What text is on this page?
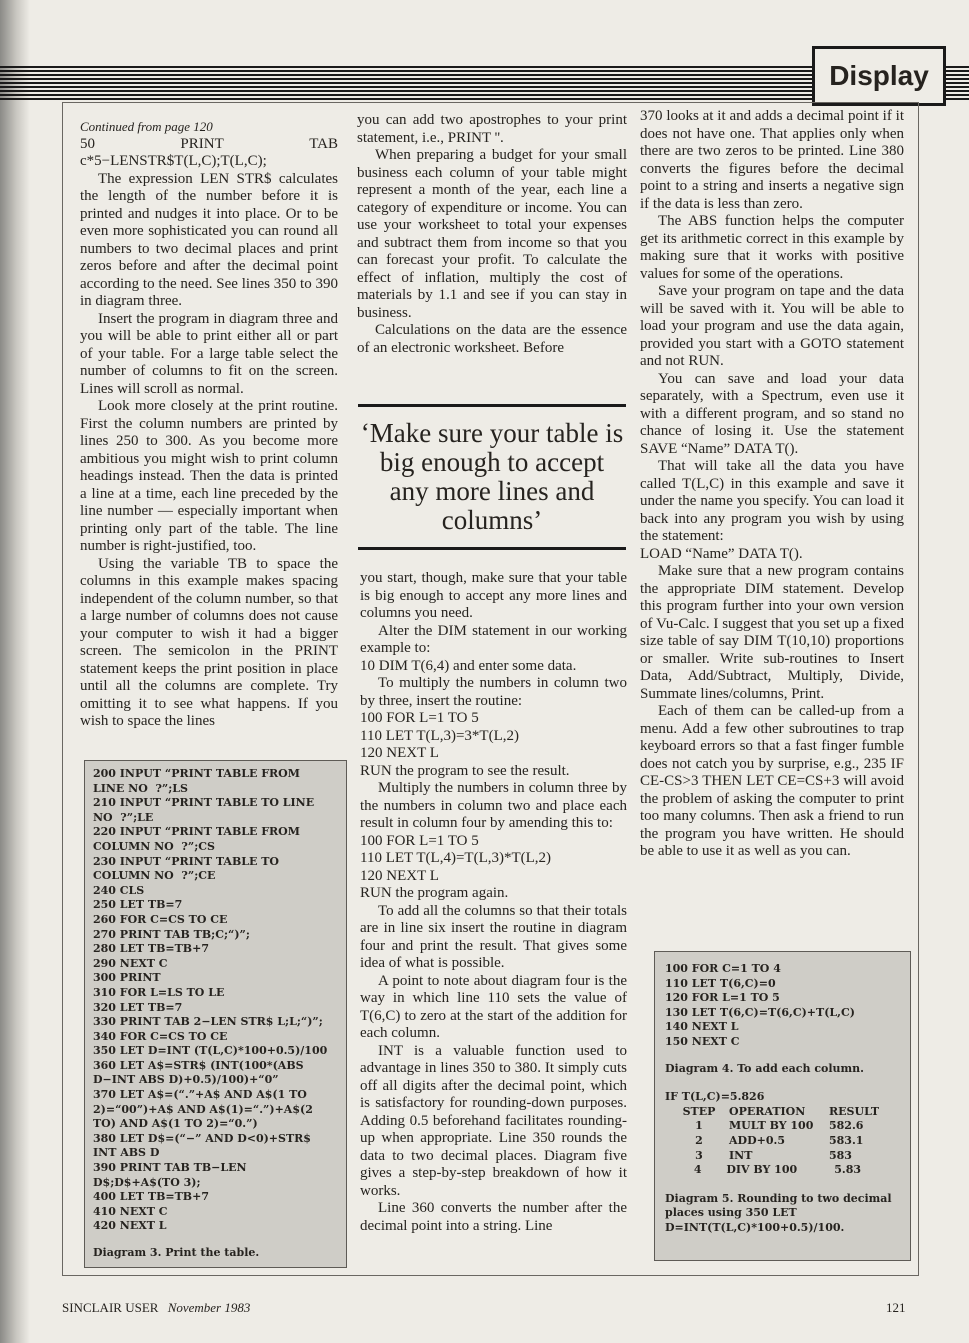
Display

Continued from page 120

50	PRINT	TAB

c*5−LENSTR$T(L,C);T(L,C);

The expression LEN STR$ calculates the length of the number before it is printed and nudges it into place. Or to be even more sophisticated you can round all numbers to two decimal places and print zeros before and after the decimal point according to the need. See lines 350 to 390 in diagram three.

Insert the program in diagram three and you will be able to print either all or part of your table. For a large table select the number of columns to fit on the screen. Lines will scroll as normal.

Look more closely at the print routine. First the column numbers are printed by lines 250 to 300. As you become more ambitious you might wish to print column headings instead. Then the data is printed a line at a time, each line preceded by the line number — especially important when printing only part of the table. The line number is right-justified, too.

Using the variable TB to space the columns in this example makes spacing independent of the column number, so that a large number of columns does not cause your computer to wish it had a bigger screen. The semicolon in the PRINT statement keeps the print position in place until all the columns are complete. Try omitting it to see what happens. If you wish to space the lines

200 INPUT “PRINT TABLE FROM
LINE NO  ?”;LS
210 INPUT “PRINT TABLE TO LINE
NO  ?”;LE
220 INPUT “PRINT TABLE FROM
COLUMN NO  ?”;CS
230 INPUT “PRINT TABLE TO
COLUMN NO  ?”;CE
240 CLS
250 LET TB=7
260 FOR C=CS TO CE
270 PRINT TAB TB;C;“)”;
280 LET TB=TB+7
290 NEXT C
300 PRINT
310 FOR L=LS TO LE
320 LET TB=7
330 PRINT TAB 2−LEN STR$ L;L;“)”;
340 FOR C=CS TO CE
350 LET D=INT (T(L,C)*100+0.5)/100
360 LET A$=STR$ (INT(100*(ABS
D−INT ABS D)+0.5)/100)+“0”
370 LET A$=(“.”+A$ AND A$(1 TO
2)=“00”)+A$ AND A$(1)=“.”)+A$(2
TO) AND A$(1 TO 2)=“0.”)
380 LET D$=(“−” AND D<0)+STR$
INT ABS D
390 PRINT TAB TB−LEN
D$;D$+A$(TO 3);
400 LET TB=TB+7
410 NEXT C
420 NEXT L
Diagram 3. Print the table.

you can add two apostrophes to your print statement, i.e., PRINT ''.

When preparing a budget for your small business each column of your table might represent a month of the year, each line a category of expenditure or income. You can use your worksheet to total your expenses and subtract them from income so that you can forecast your profit. To calculate the effect of inflation, multiply the cost of materials by 1.1 and see if you can stay in business.

Calculations on the data are the essence of an electronic worksheet. Before

‘Make sure your table is big enough to accept any more lines and columns’

you start, though, make sure that your table is big enough to accept any more lines and columns you need.

Alter the DIM statement in our working example to:

10 DIM T(6,4) and enter some data.

To multiply the numbers in column two by three, insert the routine:

100 FOR L=1 TO 5

110 LET T(L,3)=3*T(L,2)

120 NEXT L

RUN the program to see the result.

Multiply the numbers in column three by the numbers in column two and place each result in column four by amending this to:

100 FOR L=1 TO 5

110 LET T(L,4)=T(L,3)*T(L,2)

120 NEXT L

RUN the program again.

To add all the columns so that their totals are in line six insert the routine in diagram four and print the result. That gives some idea of what is possible.

A point to note about diagram four is the way in which line 110 sets the value of T(6,C) to zero at the start of the addition for each column.

INT is a valuable function used to advantage in lines 350 to 380. It simply cuts off all digits after the decimal point, which is satisfactory for rounding-down purposes. Adding 0.5 beforehand facilitates rounding-up when appropriate. Line 350 rounds the data to two decimal places. Diagram five gives a step-by-step breakdown of how it works.

Line 360 converts the number after the decimal point into a string. Line

370 looks at it and adds a decimal point if it does not have one. That applies only when there are two zeros to be printed. Line 380 converts the figures before the decimal point to a string and inserts a negative sign if the data is less than zero.

The ABS function helps the computer get its arithmetic correct in this example by making sure that it works with positive values for some of the operations.

Save your program on tape and the data will be saved with it. You will be able to load your program and use the data again, provided you start with a GOTO statement and not RUN.

You can save and load your data separately, with a Spectrum, even use it with a different program, and so stand no chance of losing it. Use the statement SAVE “Name” DATA T().

That will take all the data you have called T(L,C) in this example and save it under the name you specify. You can load it back into any program you wish by using the statement:

LOAD “Name” DATA T().

Make sure that a new program contains the appropriate DIM statement. Develop this program further into your own version of Vu-Calc. I suggest that you set up a fixed size table of say DIM T(10,10) proportions or smaller. Write sub-routines to Insert Data, Add/Subtract, Multiply, Divide, Summate lines/columns, Print.

Each of them can be called-up from a menu. Add a few other subroutines to trap keyboard errors so that a fast finger fumble does not catch you by surprise, e.g., 235 IF CE-CS>3 THEN LET CE=CS+3 will avoid the problem of asking the computer to print too many columns. Then ask a friend to run the program you have written. He should be able to use it as well as you can.

100 FOR C=1 TO 4
110 LET T(6,C)=0
120 FOR L=1 TO 5
130 LET T(6,C)=T(6,C)+T(L,C)
140 NEXT L
150 NEXT C
Diagram 4. To add each column.
IF T(L,C)=5.826
STEP	OPERATION	RESULT
1	MULT BY 100	582.6
2	ADD+0.5	583.1
3	INT	583
4	DIV BY 100	5.83
Diagram 5. Rounding to two decimal places using 350 LET D=INT(T(L,C)*100+0.5)/100.
SINCLAIR USER November 1983	121
